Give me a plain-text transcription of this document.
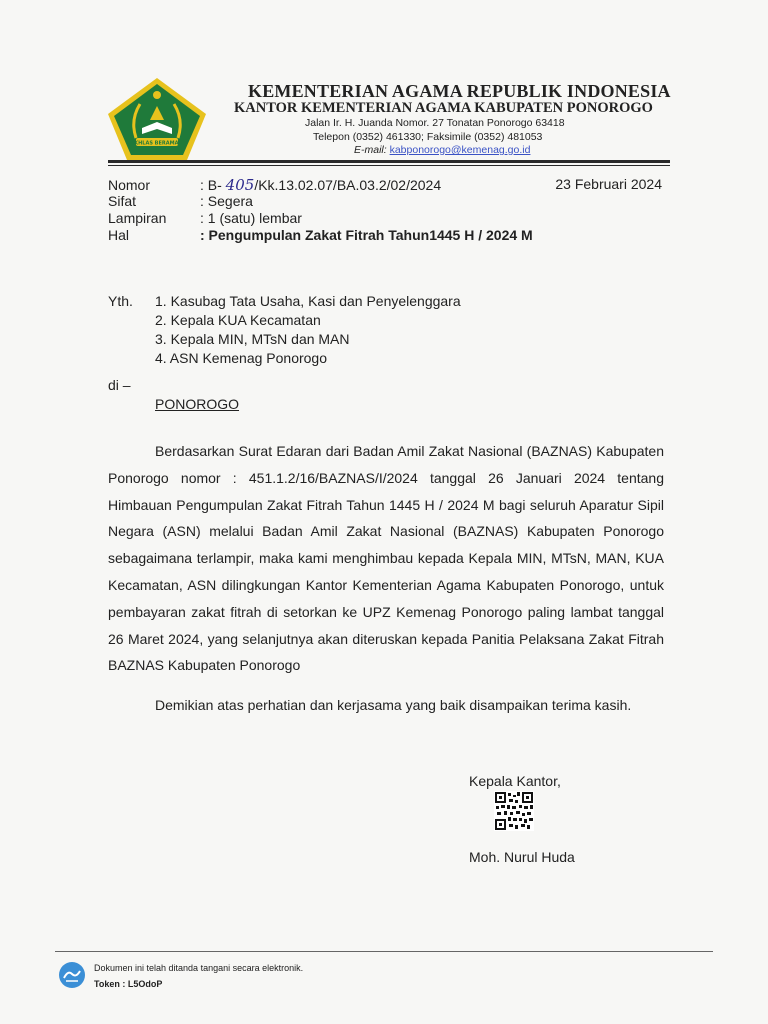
IKHLAS BERAMAL
KEMENTERIAN AGAMA REPUBLIK INDONESIA
KANTOR KEMENTERIAN AGAMA KABUPATEN PONOROGO
Jalan Ir. H. Juanda Nomor. 27 Tonatan Ponorogo 63418
Telepon (0352) 461330; Faksimile (0352) 481053
E-mail: kabponorogo@kemenag.go.id
Nomor	: B- 405/Kk.13.02.07/BA.03.2/02/2024	23 Februari 2024
Sifat	: Segera
Lampiran : 1 (satu) lembar
Hal	: Pengumpulan Zakat Fitrah Tahun1445 H / 2024 M
Yth. 1. Kasubag Tata Usaha, Kasi dan Penyelenggara
2. Kepala KUA Kecamatan
3. Kepala MIN, MTsN dan MAN
4. ASN Kemenag Ponorogo
di –
PONOROGO

Berdasarkan Surat Edaran dari Badan Amil Zakat Nasional (BAZNAS) Kabupaten Ponorogo nomor : 451.1.2/16/BAZNAS/I/2024 tanggal 26 Januari 2024 tentang Himbauan Pengumpulan Zakat Fitrah Tahun 1445 H / 2024 M bagi seluruh Aparatur Sipil Negara (ASN) melalui Badan Amil Zakat Nasional (BAZNAS) Kabupaten Ponorogo sebagaimana terlampir, maka kami menghimbau kepada Kepala MIN, MTsN, MAN, KUA Kecamatan, ASN dilingkungan Kantor Kementerian Agama Kabupaten Ponorogo, untuk pembayaran zakat fitrah di setorkan ke UPZ Kemenag Ponorogo paling lambat tanggal 26 Maret 2024, yang selanjutnya akan diteruskan kepada Panitia Pelaksana Zakat Fitrah BAZNAS Kabupaten Ponorogo

Demikian atas perhatian dan kerjasama yang baik disampaikan terima kasih.
Kepala Kantor,
Moh. Nurul Huda
Dokumen ini telah ditanda tangani secara elektronik.
Token : L5OdoP
